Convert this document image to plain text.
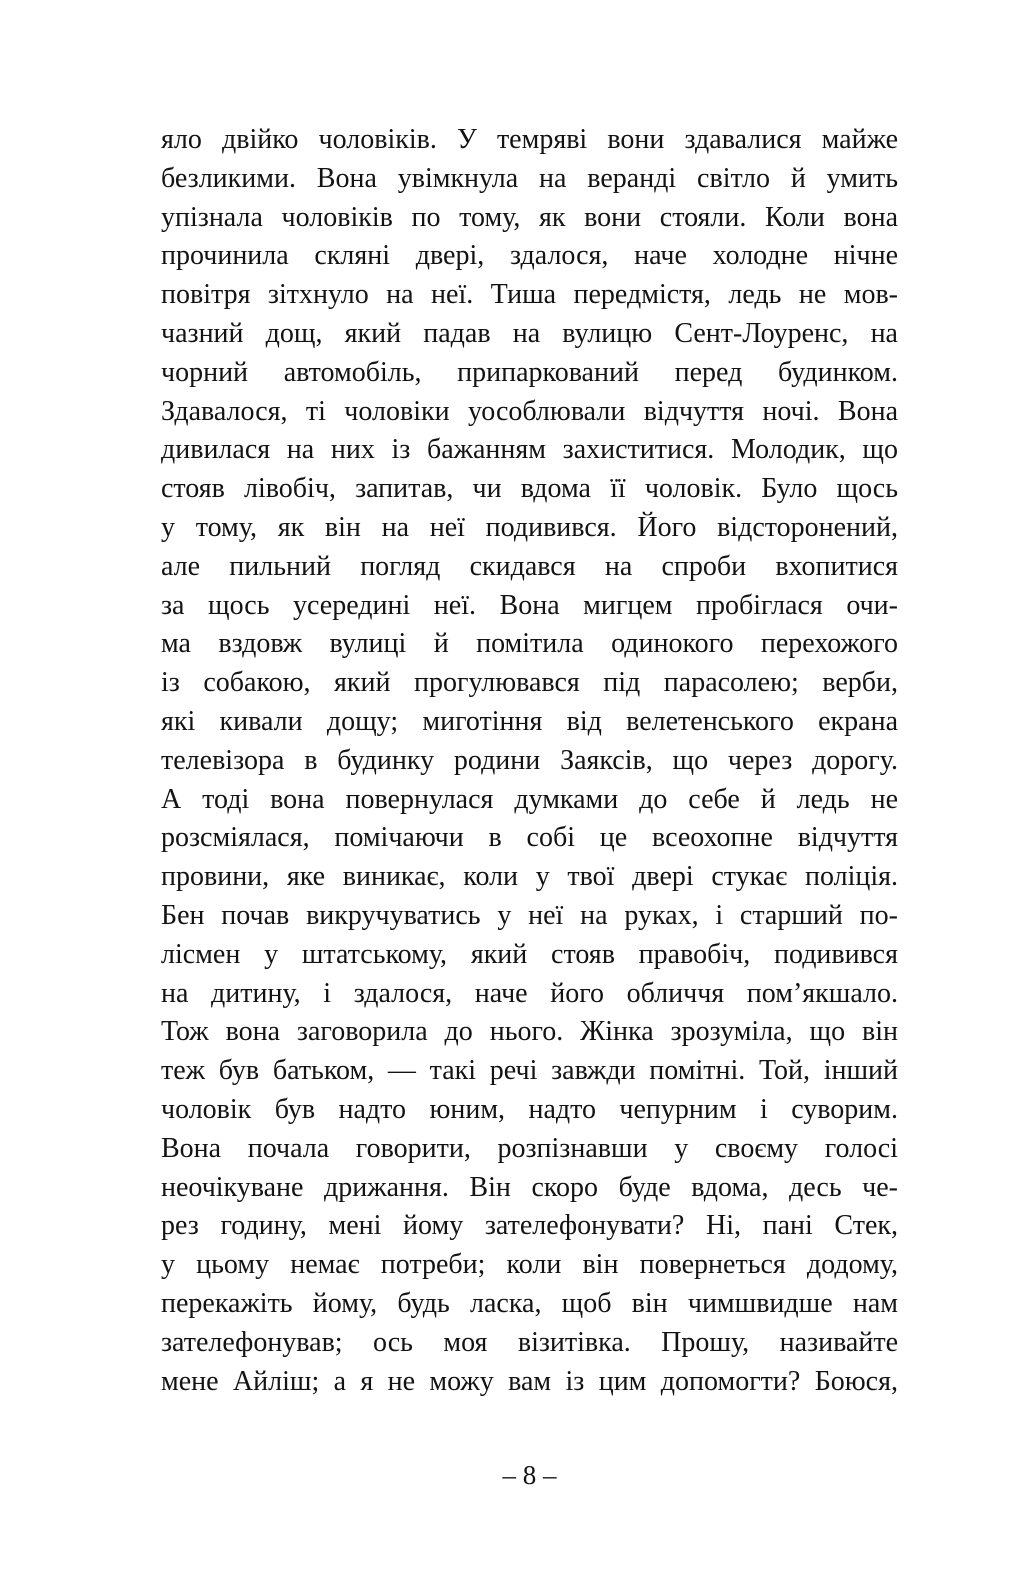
яло двійко чоловіків. У темряві вони здавалися майже
безликими. Вона увімкнула на веранді світло й умить
упізнала чоловіків по тому, як вони стояли. Коли вона
прочинила скляні двері, здалося, наче холодне нічне
повітря зітхнуло на неї. Тиша передмістя, ледь не мов-
чазний дощ, який падав на вулицю Сент-Лоуренс, на
чорний автомобіль, припаркований перед будинком.
Здавалося, ті чоловіки уособлювали відчуття ночі. Вона
дивилася на них із бажанням захиститися. Молодик, що
стояв лівобіч, запитав, чи вдома її чоловік. Було щось
у тому, як він на неї подивився. Його відсторонений,
але пильний погляд скидався на спроби вхопитися
за щось усередині неї. Вона мигцем пробіглася очи-
ма вздовж вулиці й помітила одинокого перехожого
із собакою, який прогулювався під парасолею; верби,
які кивали дощу; миготіння від велетенського екрана
телевізора в будинку родини Заяксів, що через дорогу.
А тоді вона повернулася думками до себе й ледь не
розсміялася, помічаючи в собі це всеохопне відчуття
провини, яке виникає, коли у твої двері стукає поліція.
Бен почав викручуватись у неї на руках, і старший по-
лісмен у штатському, який стояв правобіч, подивився
на дитину, і здалося, наче його обличчя пом’якшало.
Тож вона заговорила до нього. Жінка зрозуміла, що він
теж був батьком, — такі речі завжди помітні. Той, інший
чоловік був надто юним, надто чепурним і суворим.
Вона почала говорити, розпізнавши у своєму голосі
неочікуване дрижання. Він скоро буде вдома, десь че-
рез годину, мені йому зателефонувати? Ні, пані Стек,
у цьому немає потреби; коли він повернеться додому,
перекажіть йому, будь ласка, щоб він чимшвидше нам
зателефонував; ось моя візитівка. Прошу, називайте
мене Айліш; а я не можу вам із цим допомогти? Боюся,
– 8 –
